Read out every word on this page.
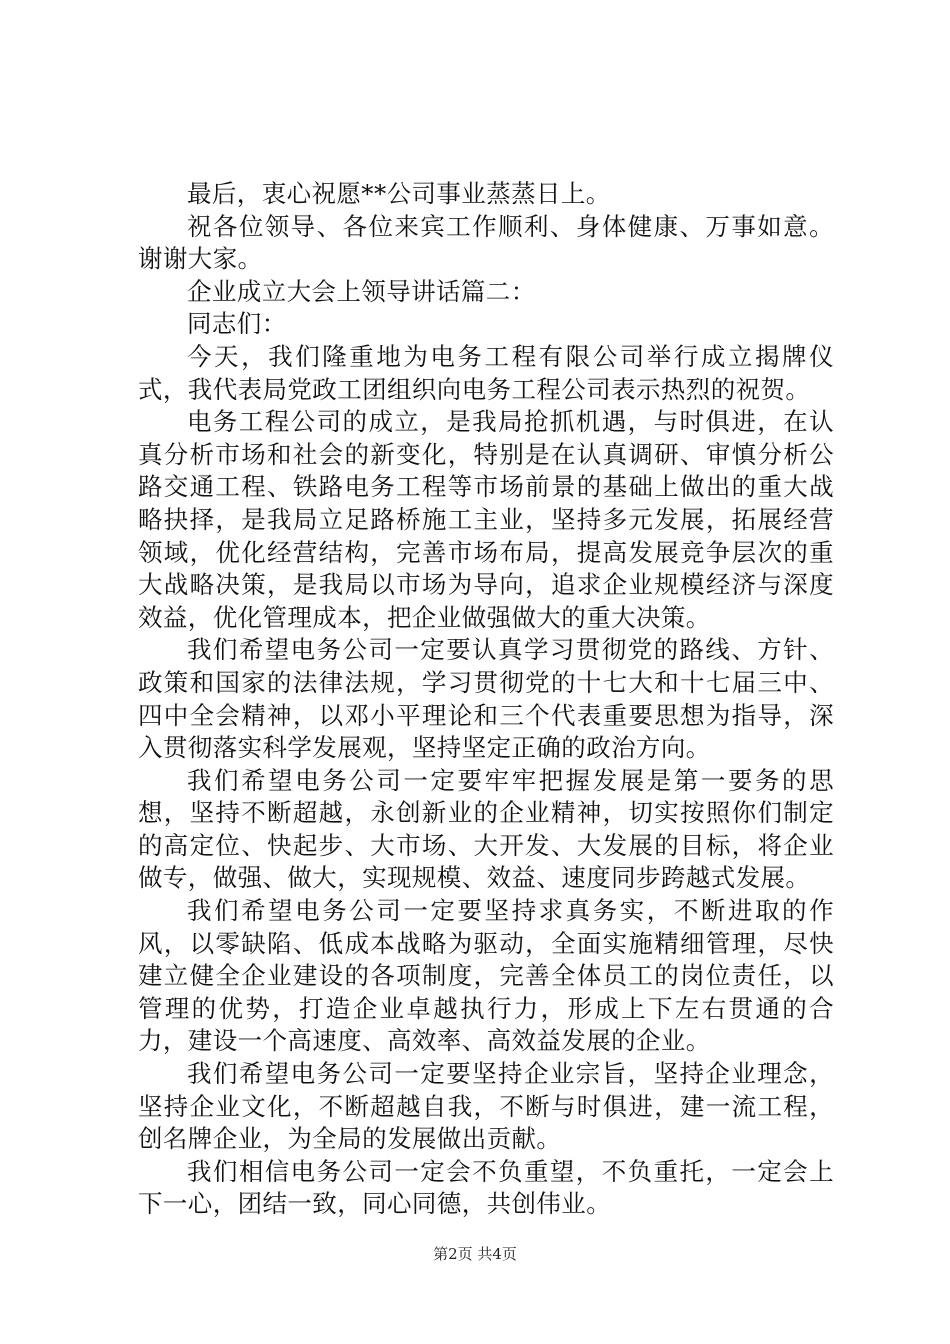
最后，衷心祝愿**公司事业蒸蒸日上。

祝各位领导、各位来宾工作顺利、身体健康、万事如意。谢谢大家。

企业成立大会上领导讲话篇二：

同志们：

今天，我们隆重地为电务工程有限公司举行成立揭牌仪式，我代表局党政工团组织向电务工程公司表示热烈的祝贺。

电务工程公司的成立，是我局抢抓机遇，与时俱进，在认真分析市场和社会的新变化，特别是在认真调研、审慎分析公路交通工程、铁路电务工程等市场前景的基础上做出的重大战略抉择，是我局立足路桥施工主业，坚持多元发展，拓展经营领域，优化经营结构，完善市场布局，提高发展竞争层次的重大战略决策，是我局以市场为导向，追求企业规模经济与深度效益，优化管理成本，把企业做强做大的重大决策。

我们希望电务公司一定要认真学习贯彻党的路线、方针、政策和国家的法律法规，学习贯彻党的十七大和十七届三中、四中全会精神，以邓小平理论和三个代表重要思想为指导，深入贯彻落实科学发展观，坚持坚定正确的政治方向。

我们希望电务公司一定要牢牢把握发展是第一要务的思想，坚持不断超越，永创新业的企业精神，切实按照你们制定的高定位、快起步、大市场、大开发、大发展的目标，将企业做专，做强、做大，实现规模、效益、速度同步跨越式发展。

我们希望电务公司一定要坚持求真务实，不断进取的作风，以零缺陷、低成本战略为驱动，全面实施精细管理，尽快建立健全企业建设的各项制度，完善全体员工的岗位责任，以管理的优势，打造企业卓越执行力，形成上下左右贯通的合力，建设一个高速度、高效率、高效益发展的企业。

我们希望电务公司一定要坚持企业宗旨，坚持企业理念，坚持企业文化，不断超越自我，不断与时俱进，建一流工程，创名牌企业，为全局的发展做出贡献。

我们相信电务公司一定会不负重望，不负重托，一定会上下一心，团结一致，同心同德，共创伟业。

第2页 共4页
